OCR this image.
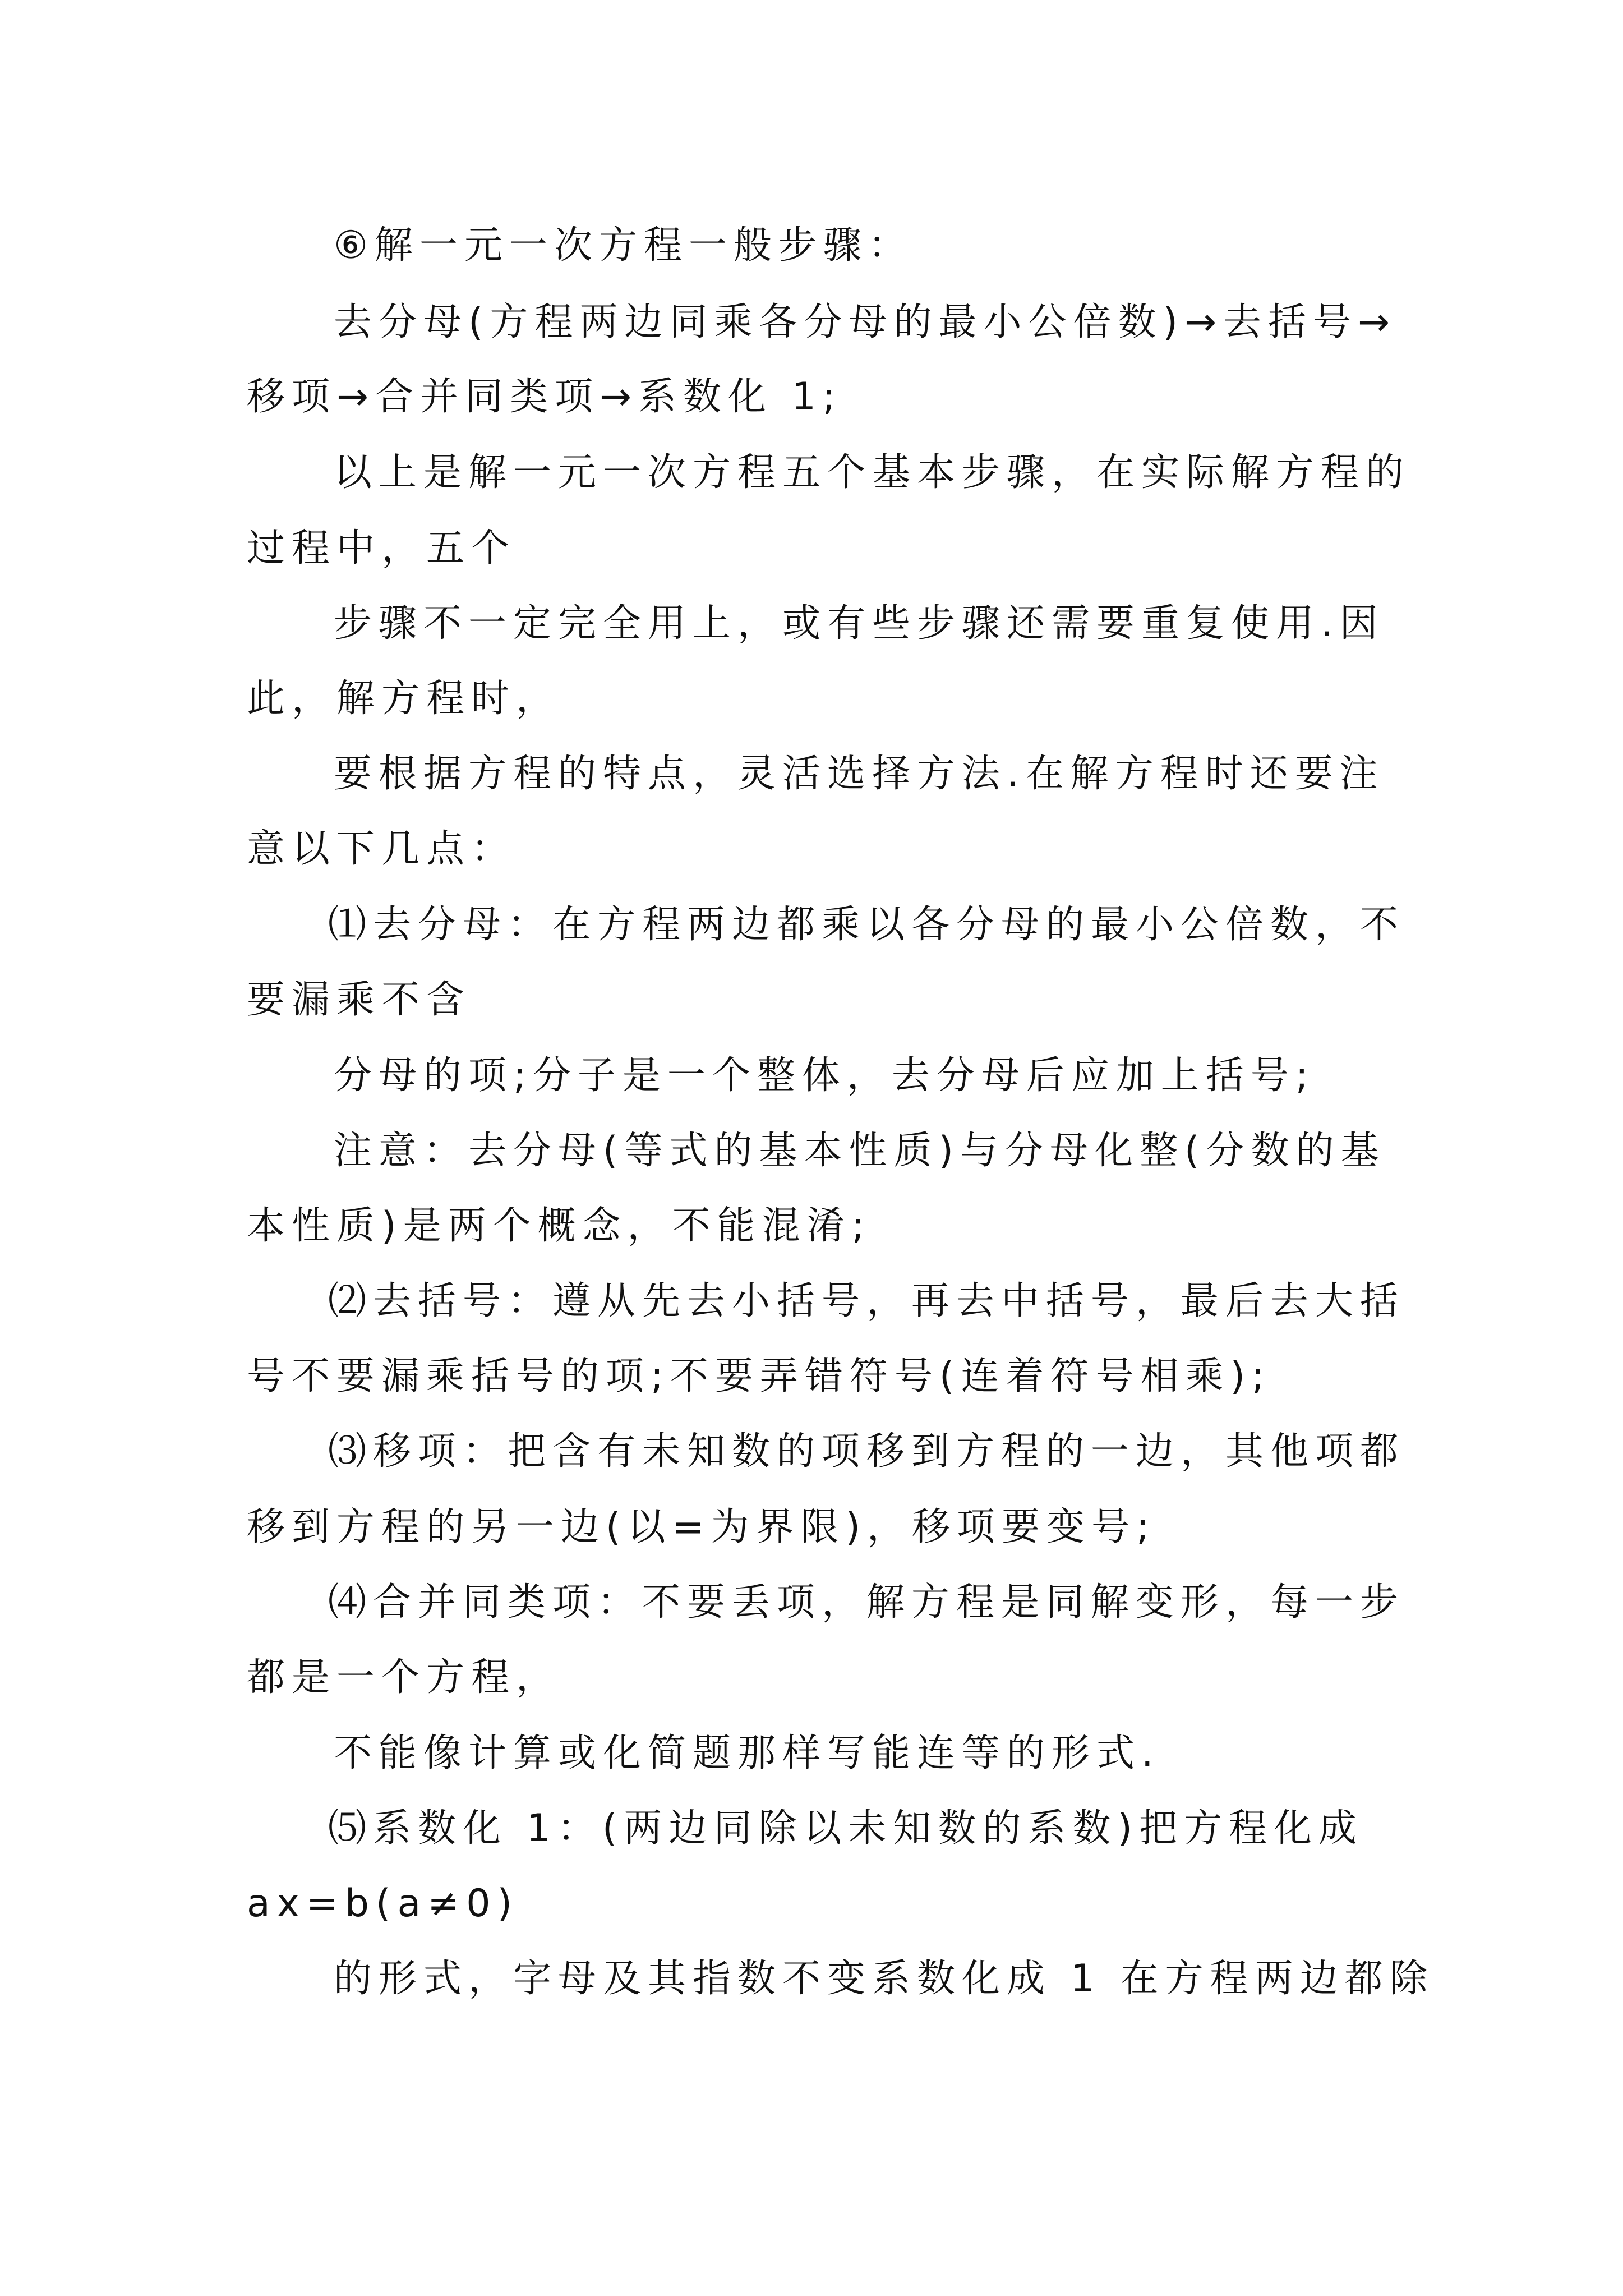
⑥解一元一次方程一般步骤：
去分母(方程两边同乘各分母的最小公倍数)→去括号→
移项→合并同类项→系数化 1;
以上是解一元一次方程五个基本步骤，在实际解方程的
过程中，五个
步骤不一定完全用上，或有些步骤还需要重复使用.因
此，解方程时，
要根据方程的特点，灵活选择方法.在解方程时还要注
意以下几点：
⑴去分母：在方程两边都乘以各分母的最小公倍数，不
要漏乘不含
分母的项;分子是一个整体，去分母后应加上括号;
注意：去分母(等式的基本性质)与分母化整(分数的基
本性质)是两个概念，不能混淆;
⑵去括号：遵从先去小括号，再去中括号，最后去大括
号不要漏乘括号的项;不要弄错符号(连着符号相乘);
⑶移项：把含有未知数的项移到方程的一边，其他项都
移到方程的另一边(以=为界限)，移项要变号;
⑷合并同类项：不要丢项，解方程是同解变形，每一步
都是一个方程，
不能像计算或化简题那样写能连等的形式.
⑸系数化 1：(两边同除以未知数的系数)把方程化成
ax=b(a≠0)
的形式，字母及其指数不变系数化成 1 在方程两边都除
